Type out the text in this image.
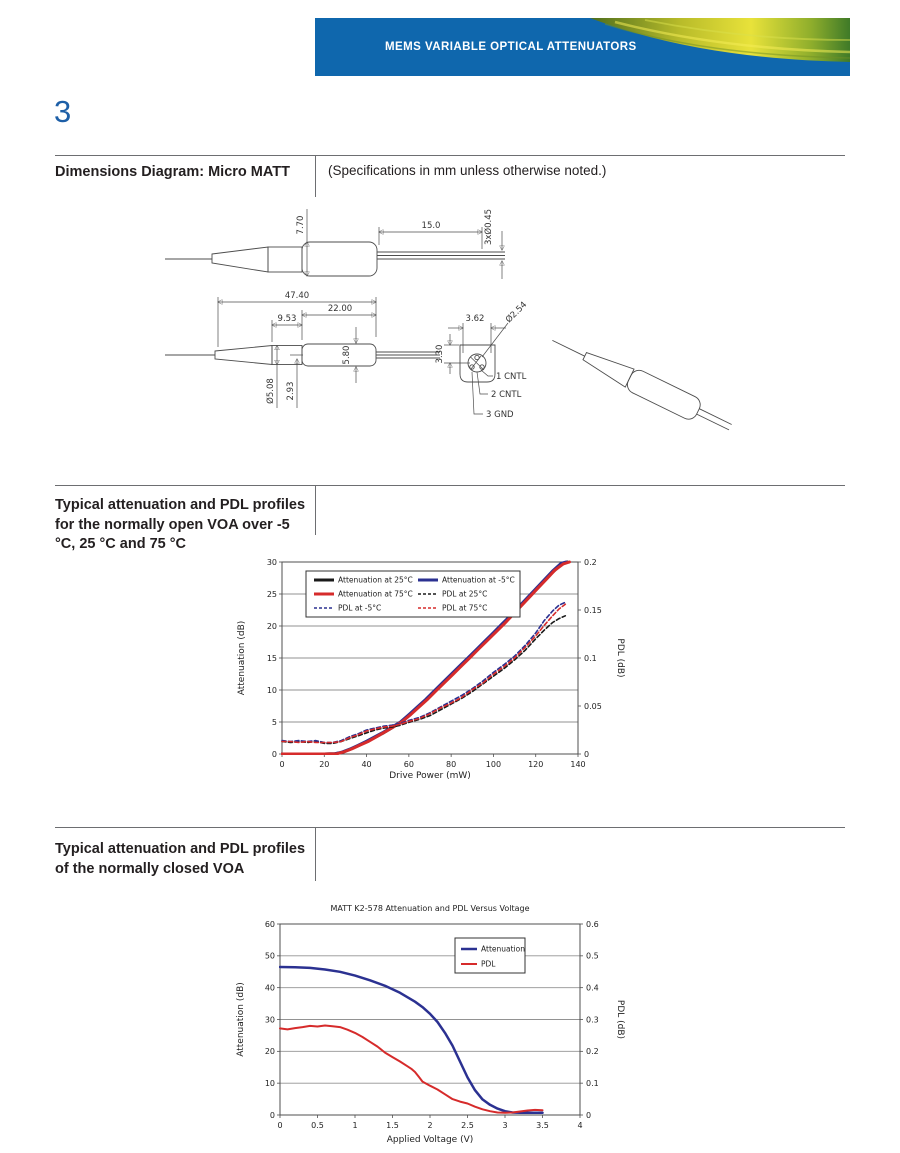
MEMS VARIABLE OPTICAL ATTENUATORS
3
Dimensions Diagram: Micro MATT	(Specifications in mm unless otherwise noted.)
7.70	15.0	3xØ0.45
47.40
22.00
9.53
Ø5.08 2.93
5.80
3.62 Ø2.54
3.30
1 CNTL
2 CNTL
3 GND
Typical attenuation and PDL profiles for the normally open VOA over -5 °C, 25 °C and 75 °C
0
5
10
15
20
25
30
0
0.05
0.1
0.15
0.2
0	20	40	60	80	100	120	140
Attenuation (dB)	PDL (dB)
Drive Power (mW)
Attenuation at 25°C	Attenuation at -5°C
Attenuation at 75°C	PDL at 25°C
PDL at -5°C	PDL at 75°C
Typical attenuation and PDL profiles of the normally closed VOA
0
10
20
30
40
50
60
0
0.1
0.2
0.3
0.4
0.5
0.6
0	0.5	1	1.5	2	2.5	3	3.5	4
Attenuation (dB)	PDL (dB)
Applied Voltage (V)
MATT K2-578 Attenuation and PDL Versus Voltage
Attenuation
PDL
